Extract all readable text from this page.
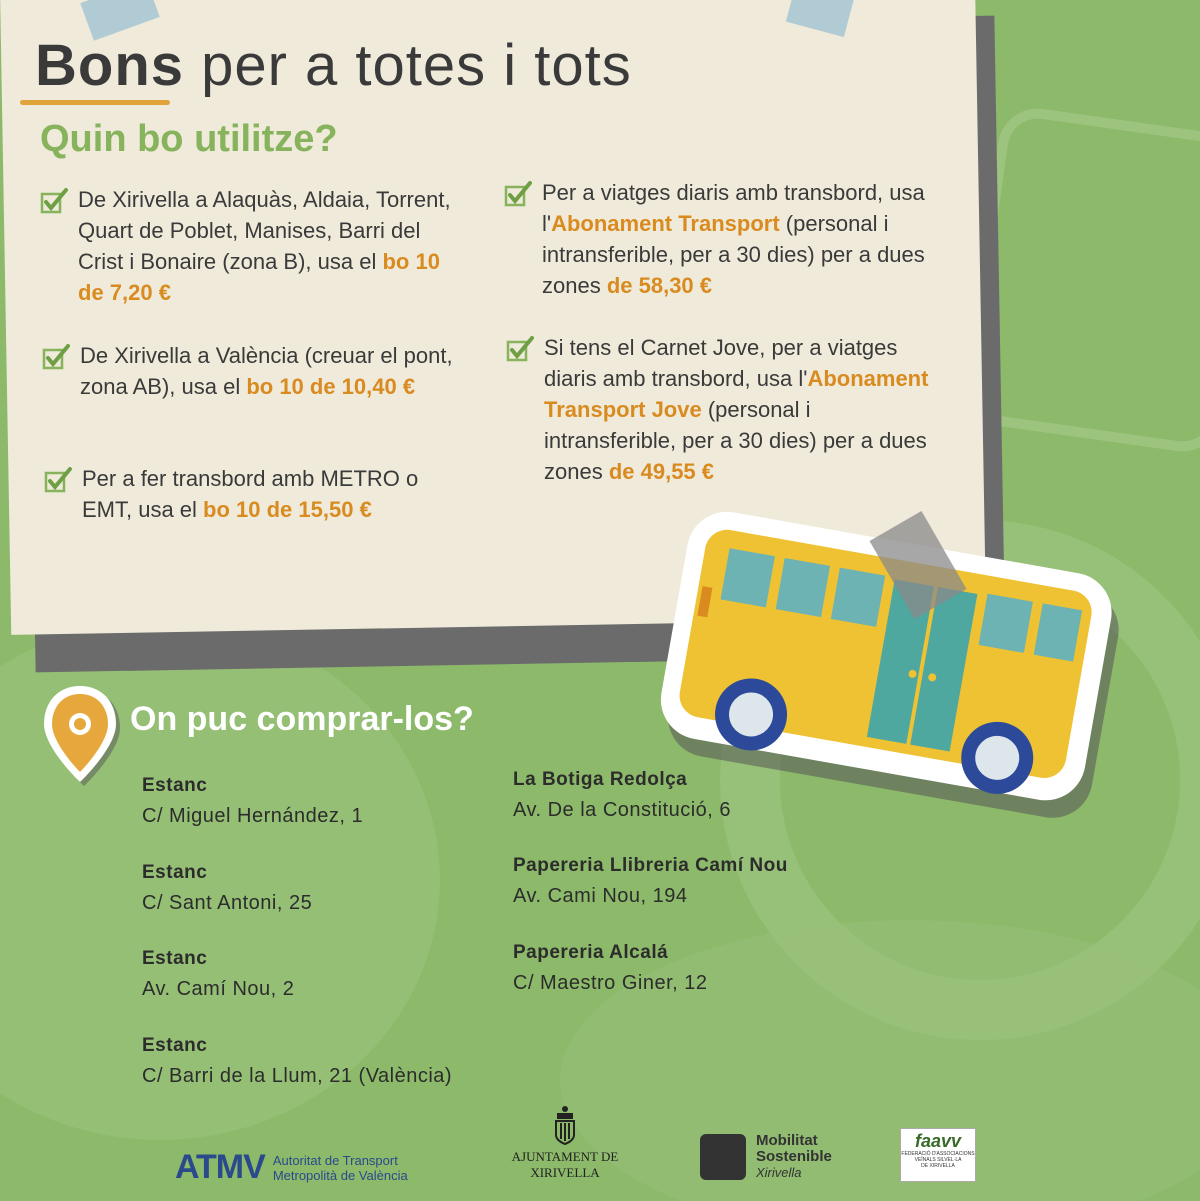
Bons per a totes i tots
Quin bo utilitze?
De Xirivella a Alaquàs, Aldaia, Torrent, Quart de Poblet, Manises, Barri del Crist i Bonaire (zona B), usa el bo 10 de 7,20 €
De Xirivella a València (creuar el pont, zona AB), usa el bo 10 de 10,40 €
Per a fer transbord amb METRO o EMT, usa el bo 10 de 15,50 €
Per a viatges diaris amb transbord, usa l'Abonament Transport (personal i intransferible, per a 30 dies) per a dues zones de 58,30 €
Si tens el Carnet Jove, per a viatges diaris amb transbord, usa l'Abonament Transport Jove (personal i intransferible, per a 30 dies) per a dues zones de 49,55 €
On puc comprar-los?
Estanc
C/ Miguel Hernández, 1
Estanc
C/ Sant Antoni, 25
Estanc
Av. Camí Nou, 2
Estanc
C/ Barri de la Llum, 21 (València)
La Botiga Redolça
Av. De la Constitució, 6
Papereria Llibreria Camí Nou
Av. Cami Nou, 194
Papereria Alcalá
C/ Maestro Giner, 12
ATMV Autoritat de Transport
Metropolità de València
AJUNTAMENT DE
XIRIVELLA
Mobilitat
Sostenible
Xirivella
faavv
FEDERACIÓ D'ASSOCIACIONS
VEÏNALS SILVEL·LA
DE XIRIVELLA
